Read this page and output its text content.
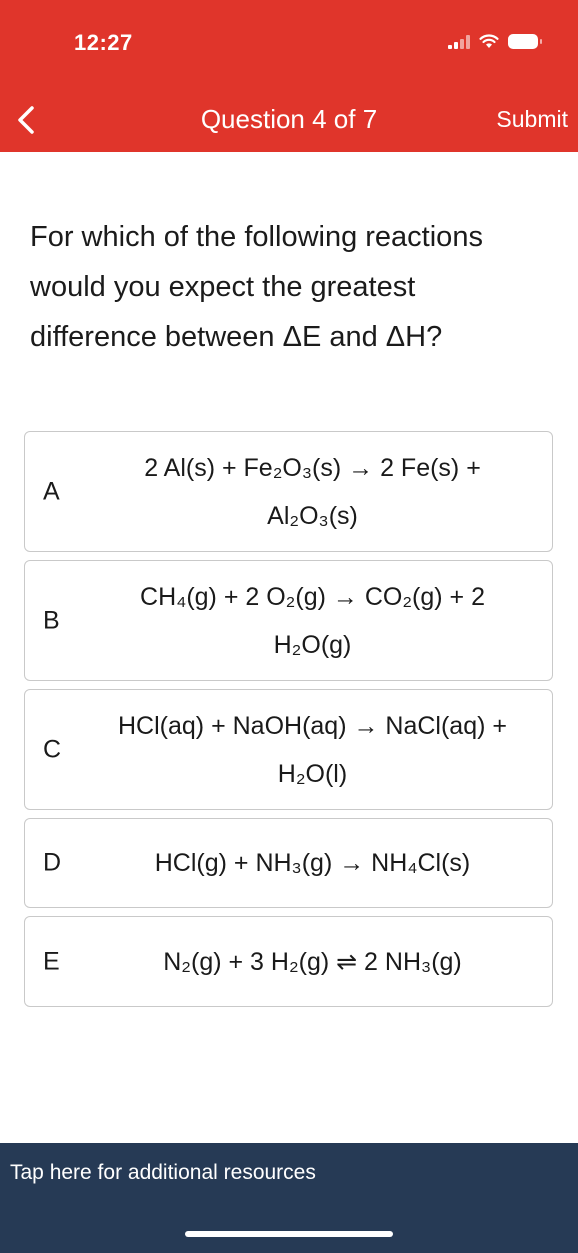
12:27
Question 4 of 7	Submit
For which of the following reactions would you expect the greatest difference between ΔE and ΔH?
A
2 Al(s) + Fe₂O₃(s) → 2 Fe(s) +
Al₂O₃(s)
B
CH₄(g) + 2 O₂(g) → CO₂(g) + 2
H₂O(g)
C
HCl(aq) + NaOH(aq) → NaCl(aq) +
H₂O(l)
D	HCl(g) + NH₃(g) → NH₄Cl(s)
E	N₂(g) + 3 H₂(g) ⇌ 2 NH₃(g)
Tap here for additional resources
